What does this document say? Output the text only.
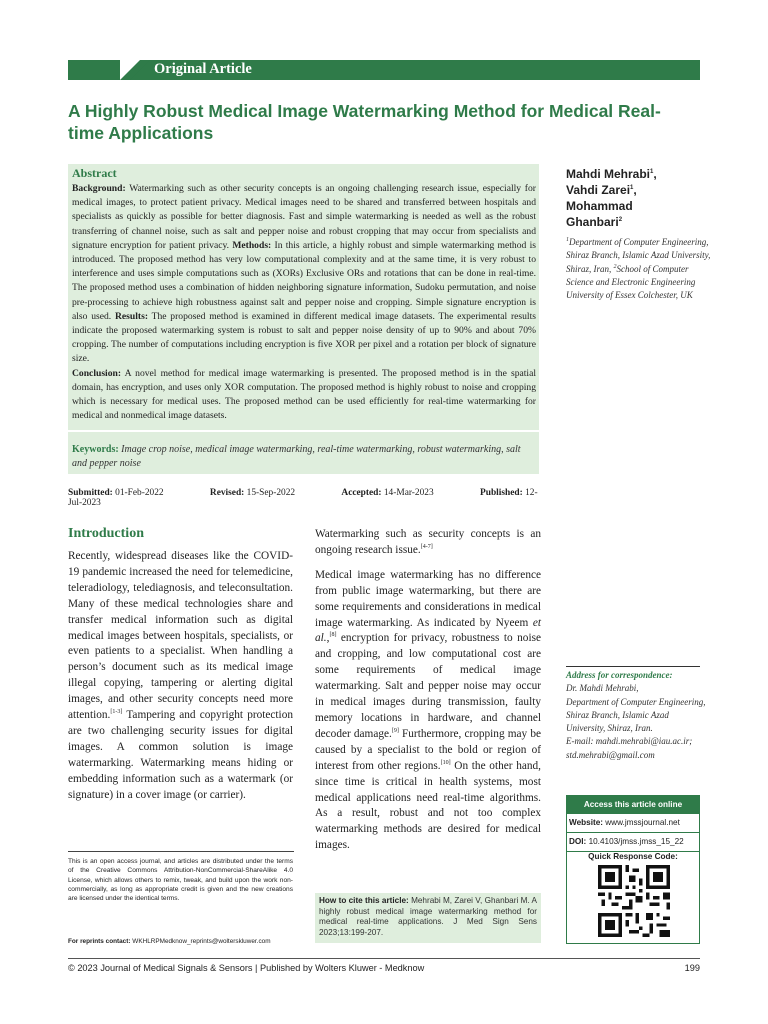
Original Article
A Highly Robust Medical Image Watermarking Method for Medical Real-time Applications
Abstract
Background: Watermarking such as other security concepts is an ongoing challenging research issue, especially for medical images, to protect patient privacy. Medical images need to be shared and transferred between hospitals and specialists as quickly as possible for better diagnosis. Fast and simple watermarking is needed as well as the robust transferring of channel noise, such as salt and pepper noise and robust cropping that may occur from specialists and signature encryption for patient privacy. Methods: In this article, a highly robust and simple watermarking method is introduced. The proposed method has very low computational complexity and at the same time, it is very robust to interference and uses simple computations such as (XORs) Exclusive ORs and rotations that can be done in real-time. The proposed method uses a combination of hidden neighboring signature information, Sudoku permutation, and noise pre-processing to achieve high robustness against salt and pepper noise and cropping. Simple signature encryption is also used. Results: The proposed method is examined in different medical image datasets. The experimental results indicate the proposed watermarking system is robust to salt and pepper noise density of up to 90% and about 70% cropping. The number of computations including encryption is five XOR per pixel and a rotation per block of signature size.
Conclusion: A novel method for medical image watermarking is presented. The proposed method is in the spatial domain, has encryption, and uses only XOR computation. The proposed method is highly robust to noise and cropping which is necessary for medical uses. The proposed method can be used efficiently for real-time watermarking for medical and nonmedical image datasets.
Keywords: Image crop noise, medical image watermarking, real-time watermarking, robust watermarking, salt and pepper noise
Mahdi Mehrabi$^1$,
Vahdi Zarei$^1$,
Mohammad
Ghanbari$^2$
$^1$Department of Computer Engineering, Shiraz Branch, Islamic Azad University, Shiraz, Iran, $^2$School of Computer Science and Electronic Engineering University of Essex Colchester, UK
Submitted: 01-Feb-2022	Revised: 15-Sep-2022	Accepted: 14-Mar-2023	Published: 12-Jul-2023
Introduction
Recently, widespread diseases like the COVID-19 pandemic increased the need for telemedicine, teleradiology, telediagnosis, and teleconsultation. Many of these medical technologies share and transfer medical information such as digital medical images between hospitals, specialists, or even patients to a specialist. When handling a person’s document such as its medical image illegal copying, tampering or alerting digital images, and other security concepts need more attention.[1-3] Tampering and copyright protection are two challenging security issues for digital images. A common solution is image watermarking. Watermarking means hiding or embedding information such as a watermark (or signature) in a cover image (or carrier).

Watermarking such as security concepts is an ongoing research issue.[4-7]

Medical image watermarking has no difference from public image watermarking, but there are some requirements and considerations in medical image watermarking. As indicated by Nyeem et al.,[8] encryption for privacy, robustness to noise and cropping, and low computational cost are some requirements of medical image watermarking. Salt and pepper noise may occur in medical images during transmission, faulty memory locations in hardware, and channel decoder damage.[9] Furthermore, cropping may be caused by a specialist to the bold or region of interest from other regions.[10] On the other hand, since time is critical in health systems, most medical applications need real-time algorithms. As a result, robust and not too complex watermarking methods are desired for medical images.

This is an open access journal, and articles are distributed under the terms of the Creative Commons Attribution-NonCommercial-ShareAlike 4.0 License, which allows others to remix, tweak, and build upon the work non-commercially, as long as appropriate credit is given and the new creations are licensed under the identical terms.
For reprints contact: WKHLRPMedknow_reprints@wolterskluwer.com
How to cite this article: Mehrabi M, Zarei V, Ghanbari M. A highly robust medical image watermarking method for medical real-time applications. J Med Sign Sens 2023;13:199-207.
Address for correspondence:
Dr. Mahdi Mehrabi,
Department of Computer Engineering, Shiraz Branch, Islamic Azad University, Shiraz, Iran.
E-mail: mahdi.mehrabi@iau.ac.ir; std.mehrabi@gmail.com
Access this article online
Website: www.jmssjournal.net
DOI: 10.4103/jmss.jmss_15_22
Quick Response Code:
© 2023 Journal of Medical Signals & Sensors | Published by Wolters Kluwer - Medknow	199
